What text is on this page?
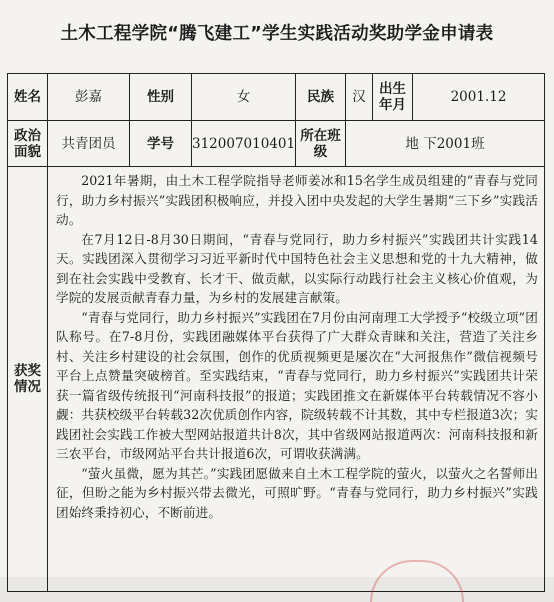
土木工程学院“腾飞建工”学生实践活动奖助学金申请表
姓名	彭嘉	性别	女	民族	汉	出生年月	2001.12
政治面貌	共青团员	学号	312007010401	所在班级	地 下2001班		
获奖情况	2021年暑期，由土木工程学院指导老师姜冰和15名学生成员组建的“青春与党同行，助力乡村振兴”实践团积极响应，并投入团中央发起的大学生暑期“三下乡”实践活动。

在7月12日-8月30日期间，“青春与党同行，助力乡村振兴”实践团共计实践14天。实践团深入贯彻学习习近平新时代中国特色社会主义思想和党的十九大精神，做到在社会实践中受教育、长才干、做贡献，以实际行动践行社会主义核心价值观，为学院的发展贡献青春力量，为乡村的发展建言献策。

“青春与党同行，助力乡村振兴”实践团在7月份由河南理工大学授予“校级立项”团队称号。在7-8月份，实践团融媒体平台获得了广大群众青睐和关注，营造了关注乡村、关注乡村建设的社会氛围，创作的优质视频更是屡次在“大河报焦作”微信视频号平台上点赞量突破榜首。至实践结束，“青春与党同行，助力乡村振兴”实践团共计荣获一篇省级传统报刊“河南科技报”的报道；实践团推文在新媒体平台转载情况不容小觑：共获校级平台转载32次优质创作内容，院级转载不计其数，其中专栏报道3次；实践团社会实践工作被大型网站报道共计8次，其中省级网站报道两次：河南科技报和新三农平台，市级网站平台共计报道6次，可谓收获满满。

“萤火虽微，愿为其芒。”实践团愿做来自土木工程学院的萤火，以萤火之名誓师出征，但盼之能为乡村振兴带去微光，可照旷野。“青春与党同行，助力乡村振兴”实践团始终秉持初心，不断前进。						
